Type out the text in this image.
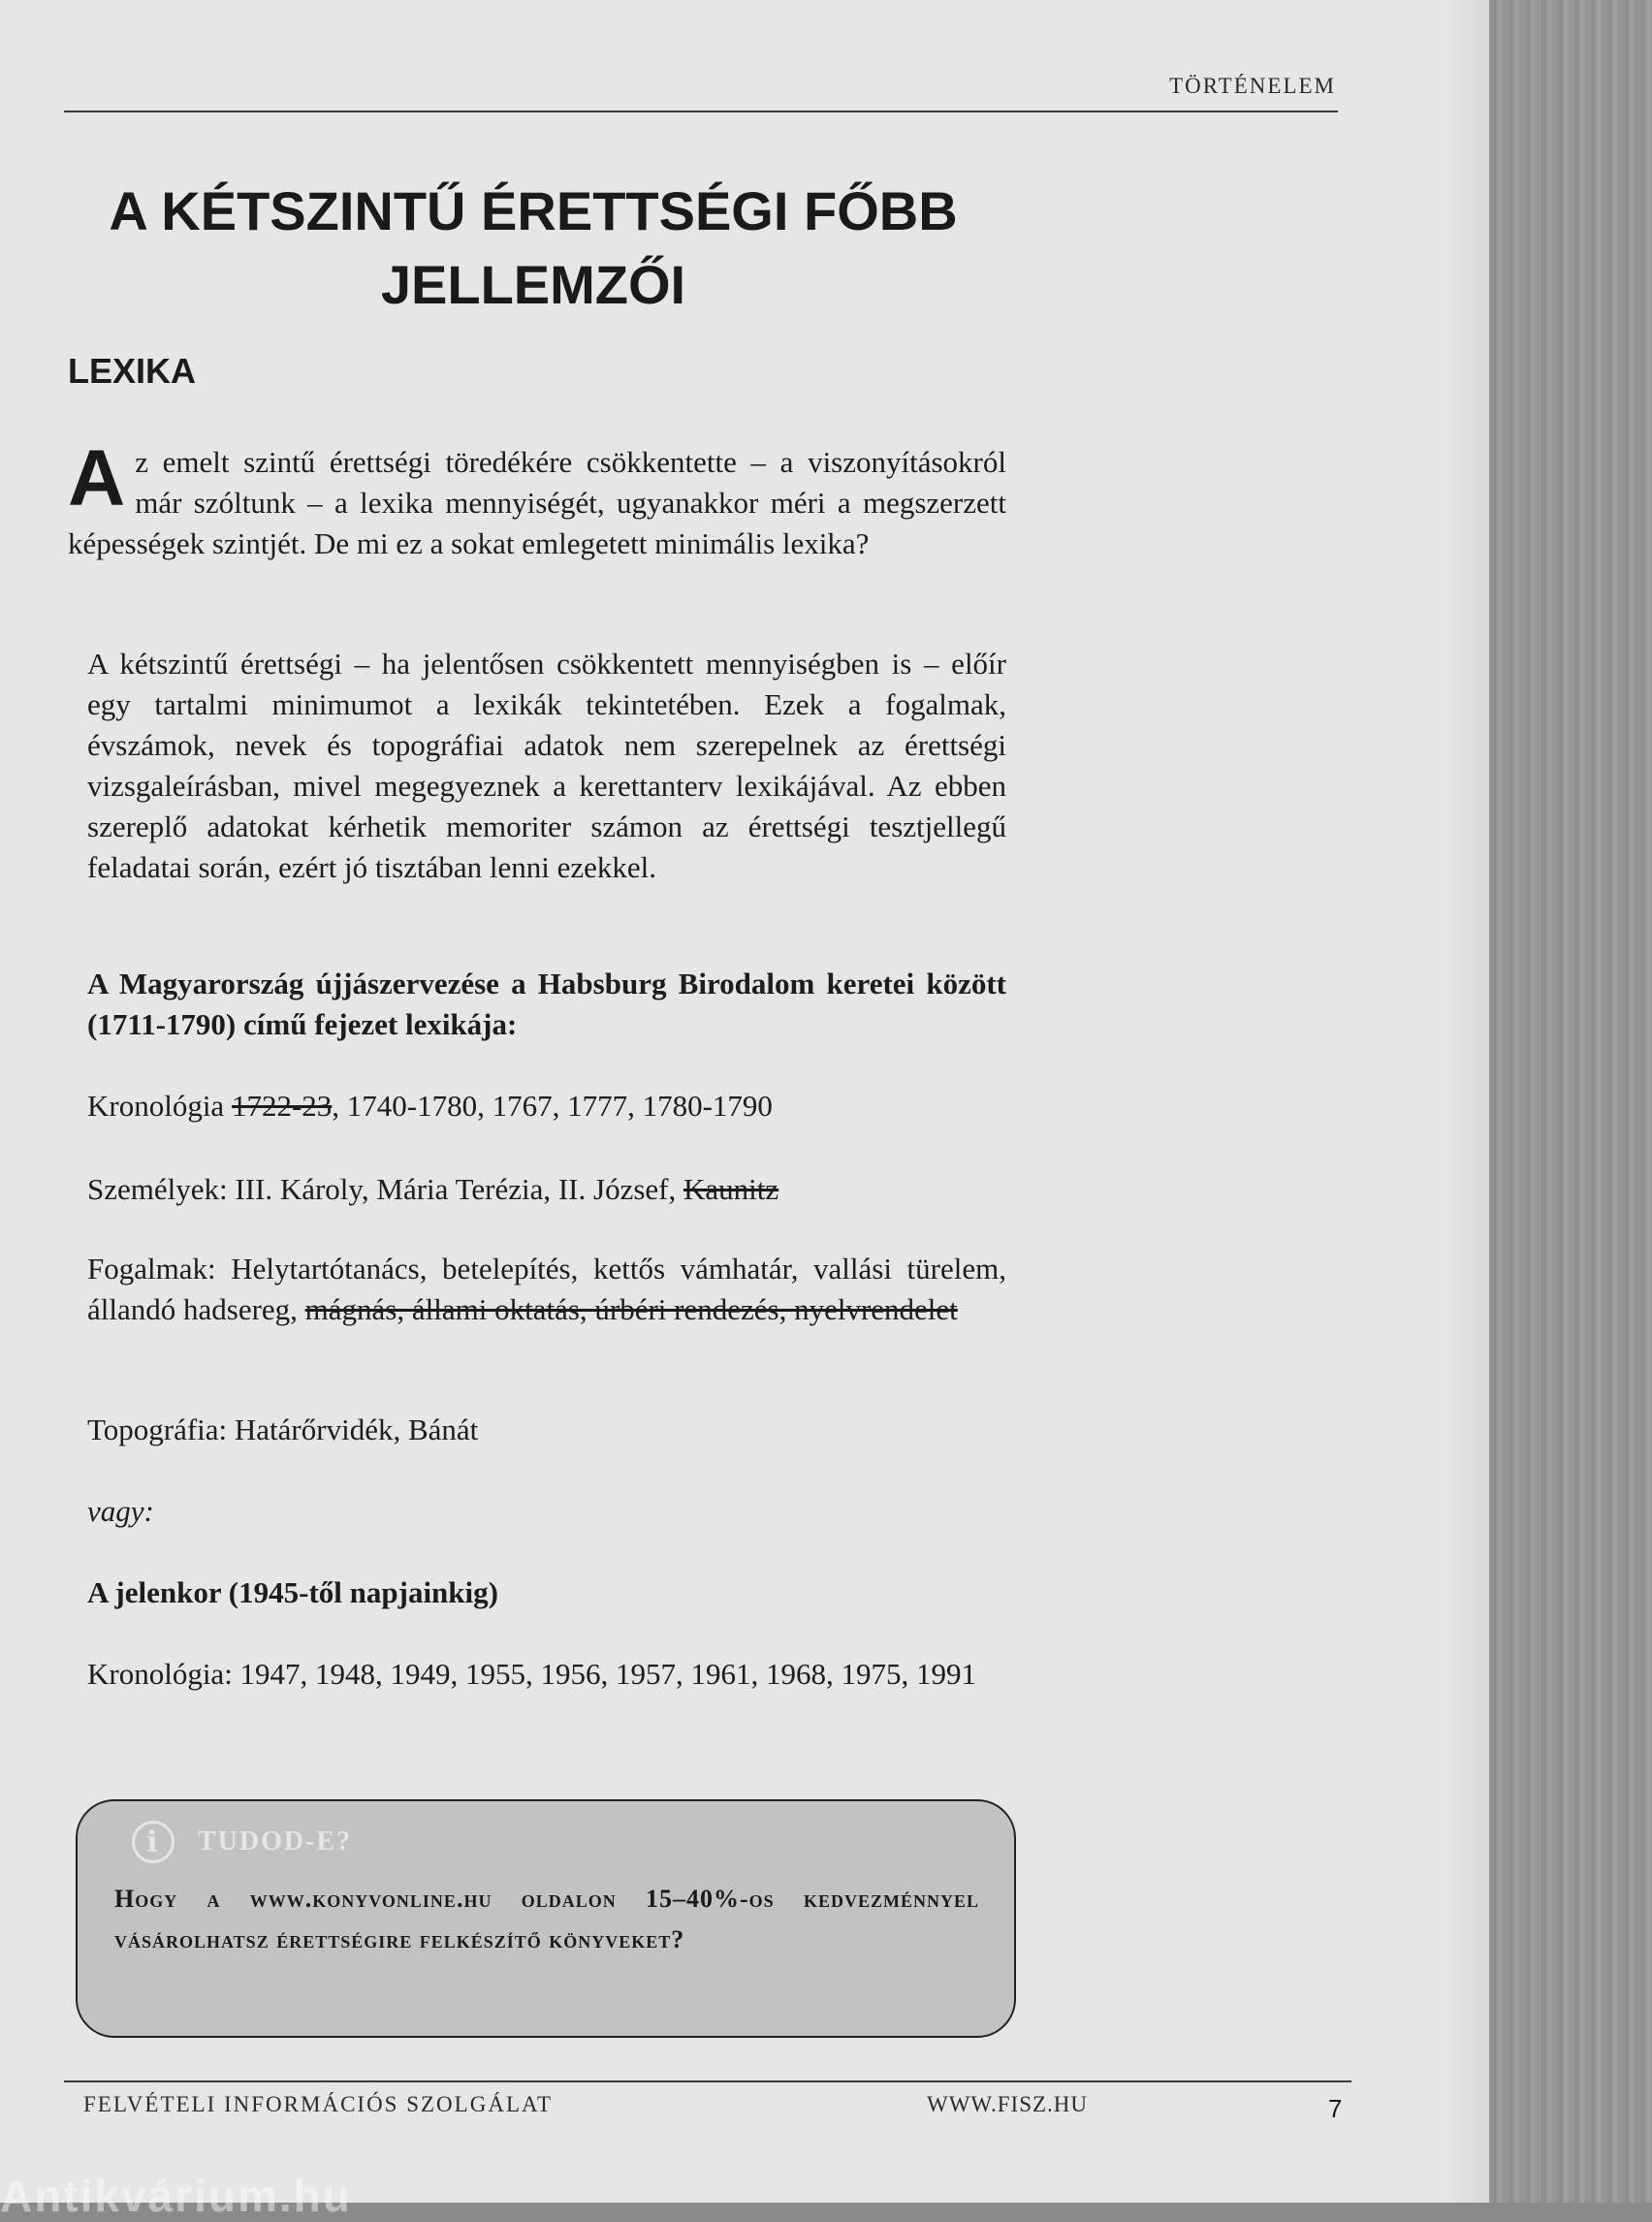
TÖRTÉNELEM
A KÉTSZINTŰ ÉRETTSÉGI FŐBB
JELLEMZŐI
LEXIKA

Az emelt szintű érettségi töredékére csökkentette – a viszonyításokról már szóltunk – a lexika mennyiségét, ugyanakkor méri a megszerzett képességek szintjét. De mi ez a sokat emlegetett minimális lexika?

A kétszintű érettségi – ha jelentősen csökkentett mennyiségben is – előír egy tartalmi minimumot a lexikák tekintetében. Ezek a fogalmak, évszámok, nevek és topográfiai adatok nem szerepelnek az érettségi vizsgaleírásban, mivel megegyeznek a kerettanterv lexikájával. Az ebben szereplő adatokat kérhetik memoriter számon az érettségi tesztjellegű feladatai során, ezért jó tisztában lenni ezekkel.

A Magyarország újjászervezése a Habsburg Birodalom keretei között (1711-1790) című fejezet lexikája:

Kronológia 1722-23, 1740-1780, 1767, 1777, 1780-1790

Személyek: III. Károly, Mária Terézia, II. József, Kaunitz

Fogalmak: Helytartótanács, betelepítés, kettős vámhatár, vallási türelem, állandó hadsereg, mágnás, állami oktatás, úrbéri rendezés, nyelvrendelet

Topográfia: Határőrvidék, Bánát

vagy:

A jelenkor (1945-től napjainkig)

Kronológia: 1947, 1948, 1949, 1955, 1956, 1957, 1961, 1968, 1975, 1991

i	TUDOD-E?

Hogy a www.konyvonline.hu oldalon 15–40%-os kedvezménnyel vásárolhatsz érettségire felkészítő könyveket?

FELVÉTELI INFORMÁCIÓS SZOLGÁLAT	WWW.FISZ.HU	7
Antikvárium.hu
